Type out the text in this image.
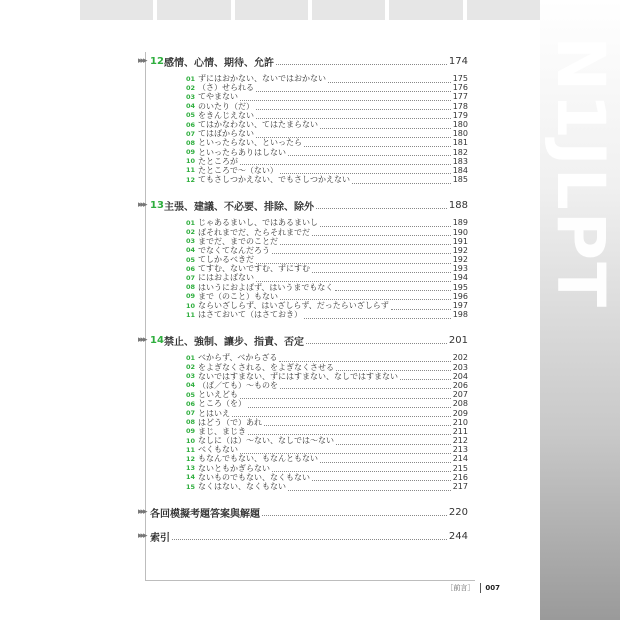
N1JLPT
▸▸▸ 12 感情、心情、期待、允許	174
01 ずにはおかない、ないではおかない	175
02 （さ）せられる	176
03 てやまない	177
04 のいたり（だ）	178
05 をきんじえない	179
06 てはかなわない、てはたまらない	180
07 てはばからない	180
08 といったらない、といったら	181
09 といったらありはしない	182
10 たところが	183
11 たところで〜（ない）	184
12 てもさしつかえない、でもさしつかえない	185
▸▸▸ 13 主張、建議、不必要、排除、除外	188
01 じゃあるまいし、ではあるまいし	189
02 ばそれまでだ、たらそれまでだ	190
03 までだ、までのことだ	191
04 でなくてなんだろう	192
05 てしかるべきだ	192
06 てすむ、ないですむ、ずにすむ	193
07 にはおよばない	194
08 はいうにおよばず、はいうまでもなく	195
09 まで（のこと）もない	196
10 ならいざしらず、はいざしらず、だったらいざしらず	197
11 はさておいて（はさておき）	198
▸▸▸ 14 禁止、強制、讓步、指責、否定	201
01 べからず、べからざる	202
02 をよぎなくされる、をよぎなくさせる	203
03 ないではすまない、ずにはすまない、なしではすまない	204
04 （ば／ても）〜ものを	206
05 といえども	207
06 ところ（を）	208
07 とはいえ	209
08 はどう（で）あれ	210
09 まじ、まじき	211
10 なしに（は）〜ない、なしでは〜ない	212
11 べくもない	213
12 もなんでもない、もなんともない	214
13 ないともかぎらない	215
14 ないものでもない、なくもない	216
15 なくはない、なくもない	217
▸▸▸ 各回模擬考題答案與解題	220
▸▸▸ 索引	244
［前言］ 007
